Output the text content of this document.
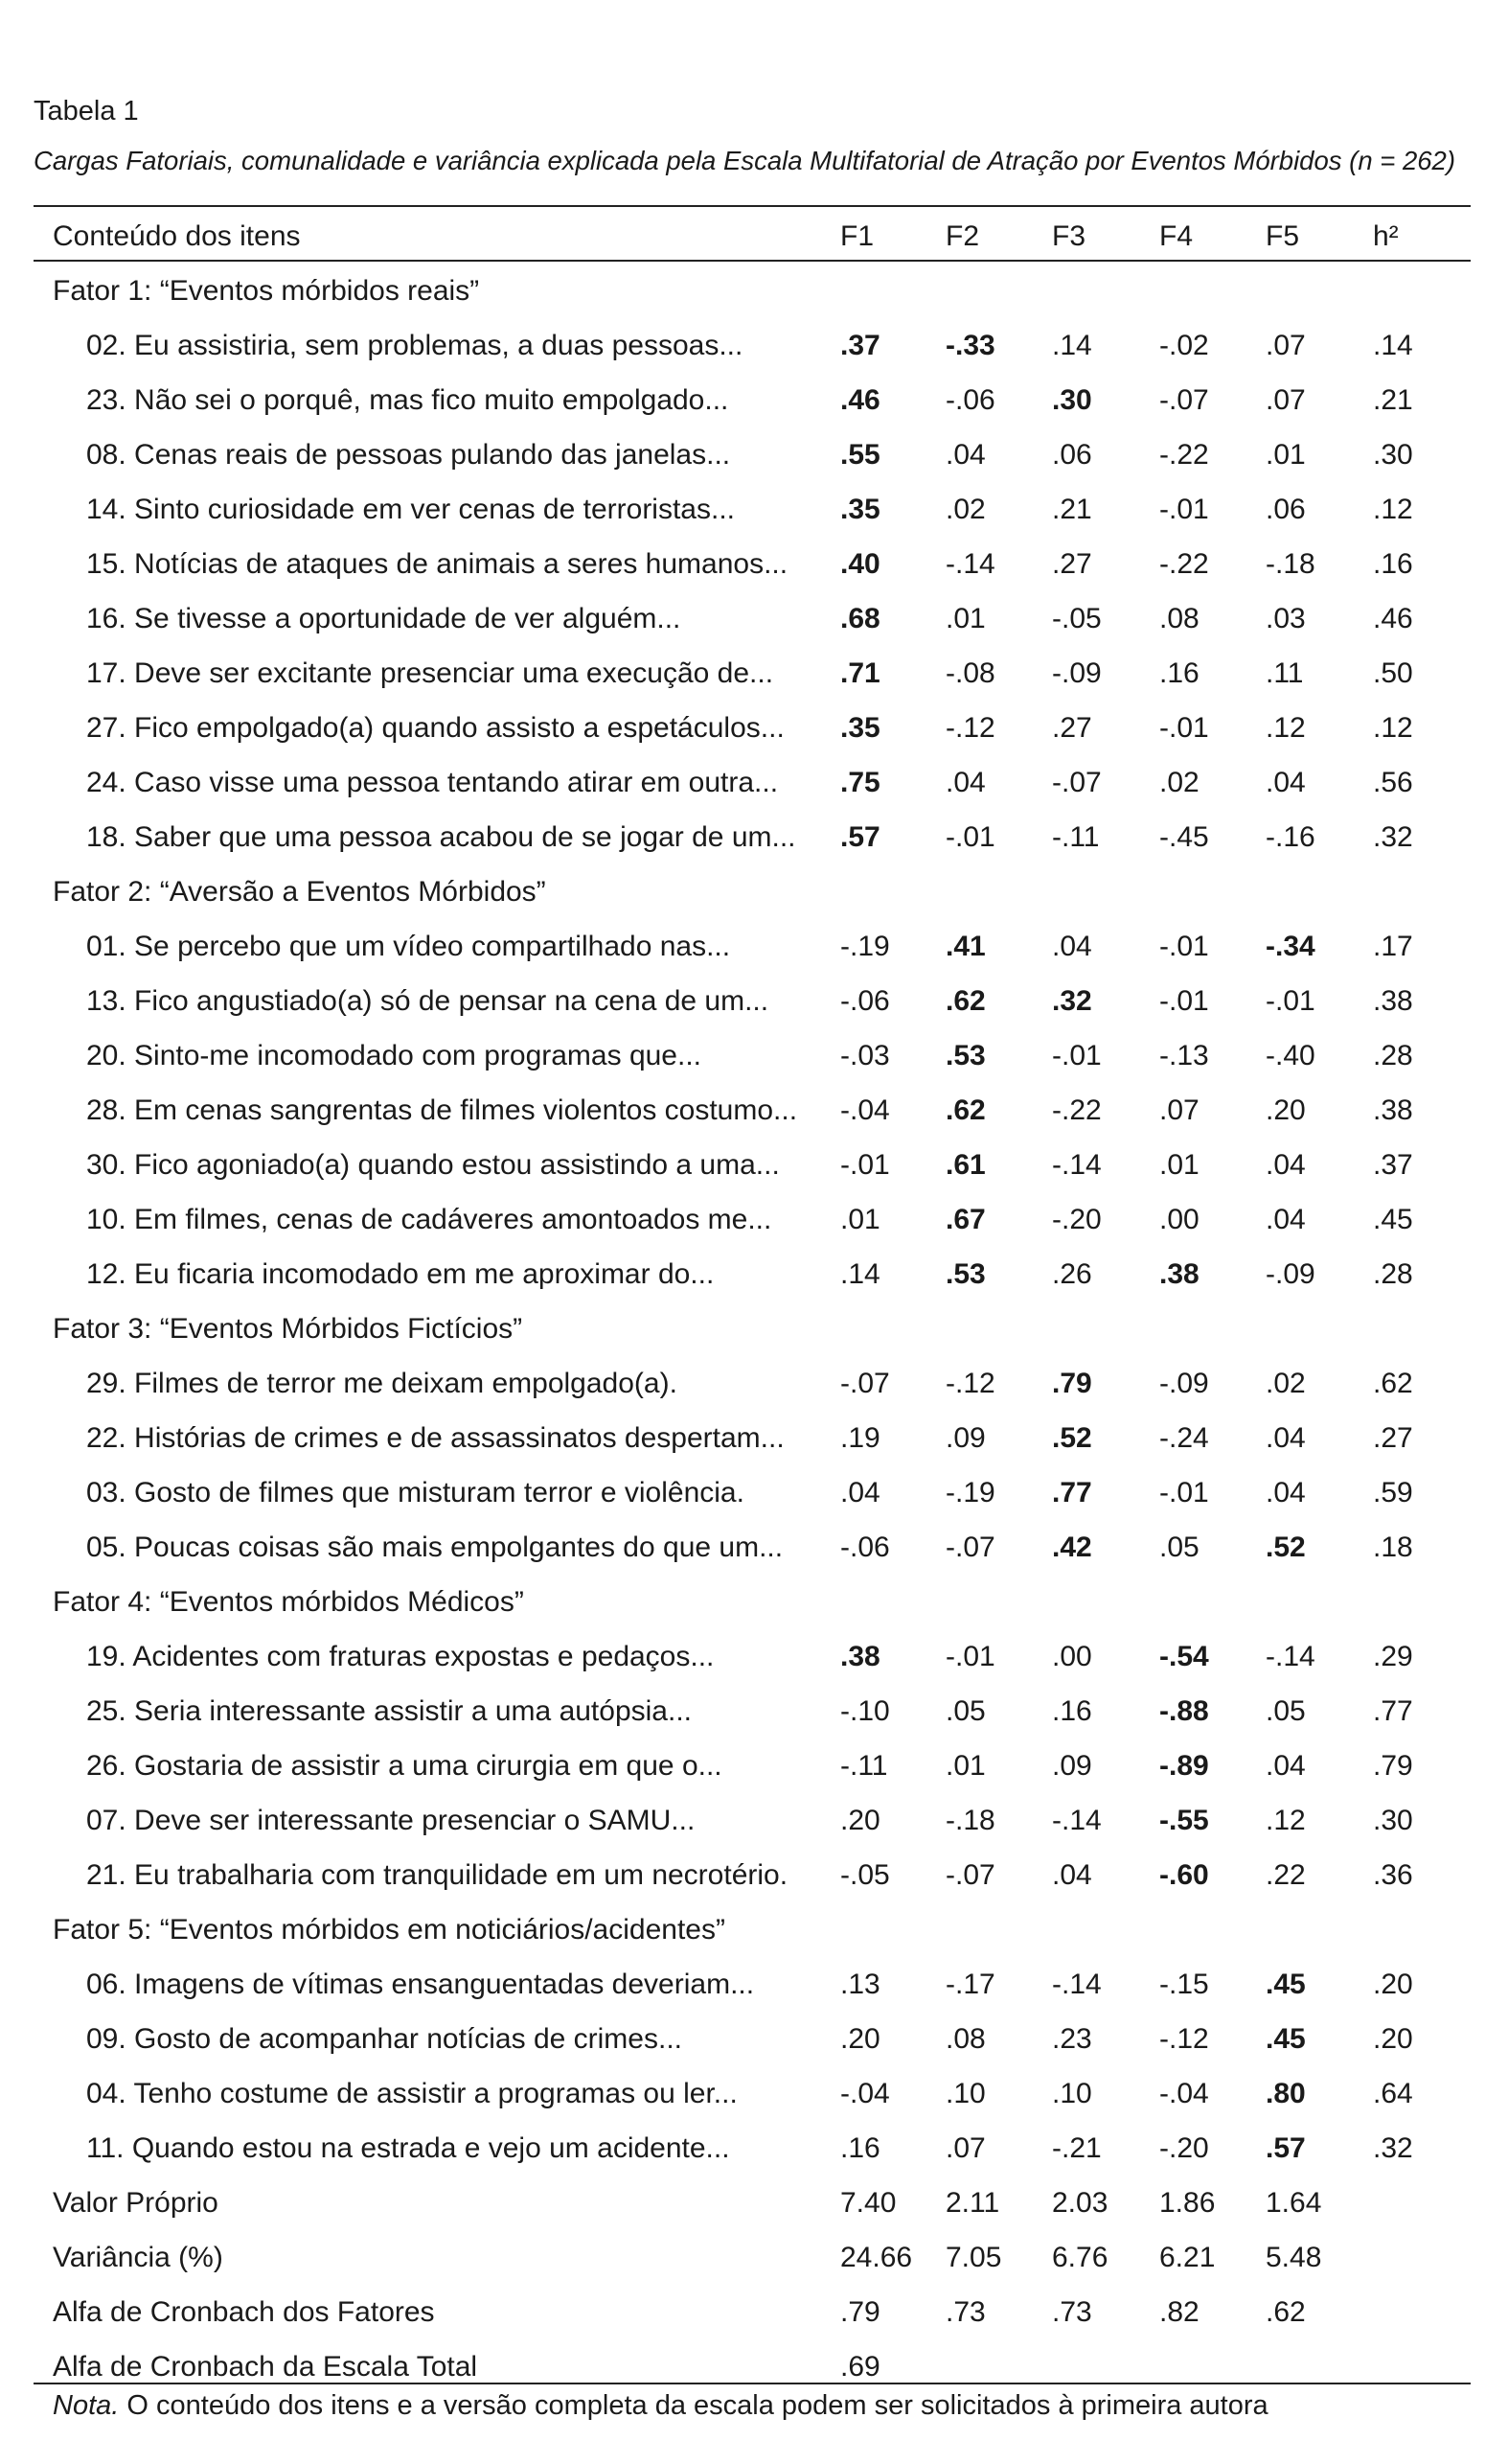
Tabela 1
Cargas Fatoriais, comunalidade e variância explicada pela Escala Multifatorial de Atração por Eventos Mórbidos (n = 262)
Conteúdo dos itens	F1 F2	F3	F4	F5	h²
Fator 1: “Eventos mórbidos reais”
02. Eu assistiria, sem problemas, a duas pessoas...	.37 -.33 .14 -.02 .07 .14
23. Não sei o porquê, mas fico muito empolgado...	.46 -.06 .30 -.07 .07 .21
08. Cenas reais de pessoas pulando das janelas...	.55 .04 .06 -.22 .01 .30
14. Sinto curiosidade em ver cenas de terroristas...	.35 .02 .21 -.01 .06 .12
15. Notícias de ataques de animais a seres humanos... .40 -.14 .27 -.22 -.18 .16
16. Se tivesse a oportunidade de ver alguém...	.68 .01 -.05 .08 .03 .46
17. Deve ser excitante presenciar uma execução de... .71 -.08 -.09 .16 .11 .50
27. Fico empolgado(a) quando assisto a espetáculos... .35 -.12 .27 -.01 .12 .12
24. Caso visse uma pessoa tentando atirar em outra... .75 .04 -.07 .02 .04 .56
18. Saber que uma pessoa acabou de se jogar de um... .57 -.01 -.11 -.45 -.16 .32
Fator 2: “Aversão a Eventos Mórbidos”
01. Se percebo que um vídeo compartilhado nas...	-.19 .41 .04 -.01 -.34 .17
13. Fico angustiado(a) só de pensar na cena de um... -.06 .62 .32 -.01 -.01 .38
20. Sinto-me incomodado com programas que...	-.03 .53 -.01 -.13 -.40 .28
28. Em cenas sangrentas de filmes violentos costumo... -.04 .62 -.22 .07 .20 .38
30. Fico agoniado(a) quando estou assistindo a uma... -.01 .61 -.14 .01 .04 .37
10. Em filmes, cenas de cadáveres amontoados me... .01 .67 -.20 .00 .04 .45
12. Eu ficaria incomodado em me aproximar do...	.14 .53 .26 .38 -.09 .28
Fator 3: “Eventos Mórbidos Fictícios”
29. Filmes de terror me deixam empolgado(a).	-.07 -.12 .79 -.09 .02 .62
22. Histórias de crimes e de assassinatos despertam... .19 .09 .52 -.24 .04 .27
03. Gosto de filmes que misturam terror e violência.	.04 -.19 .77 -.01 .04 .59
05. Poucas coisas são mais empolgantes do que um... -.06 -.07 .42 .05 .52 .18
Fator 4: “Eventos mórbidos Médicos”
19. Acidentes com fraturas expostas e pedaços...	.38 -.01 .00 -.54 -.14 .29
25. Seria interessante assistir a uma autópsia...	-.10 .05 .16 -.88 .05 .77
26. Gostaria de assistir a uma cirurgia em que o...	-.11 .01 .09 -.89 .04 .79
07. Deve ser interessante presenciar o SAMU...	.20 -.18 -.14 -.55 .12 .30
21. Eu trabalharia com tranquilidade em um necrotério. -.05 -.07 .04 -.60 .22 .36
Fator 5: “Eventos mórbidos em noticiários/acidentes”
06. Imagens de vítimas ensanguentadas deveriam...	.13 -.17 -.14 -.15 .45 .20
09. Gosto de acompanhar notícias de crimes...	.20 .08 .23 -.12 .45 .20
04. Tenho costume de assistir a programas ou ler...	-.04 .10 .10 -.04 .80 .64
11. Quando estou na estrada e vejo um acidente...	.16 .07 -.21 -.20 .57 .32
Valor Próprio	7.40 2.11 2.03 1.86 1.64
Variância (%)	24.66 7.05 6.76 6.21 5.48
Alfa de Cronbach dos Fatores	.79 .73 .73 .82 .62
Alfa de Cronbach da Escala Total	.69
Nota. O conteúdo dos itens e a versão completa da escala podem ser solicitados à primeira autora
